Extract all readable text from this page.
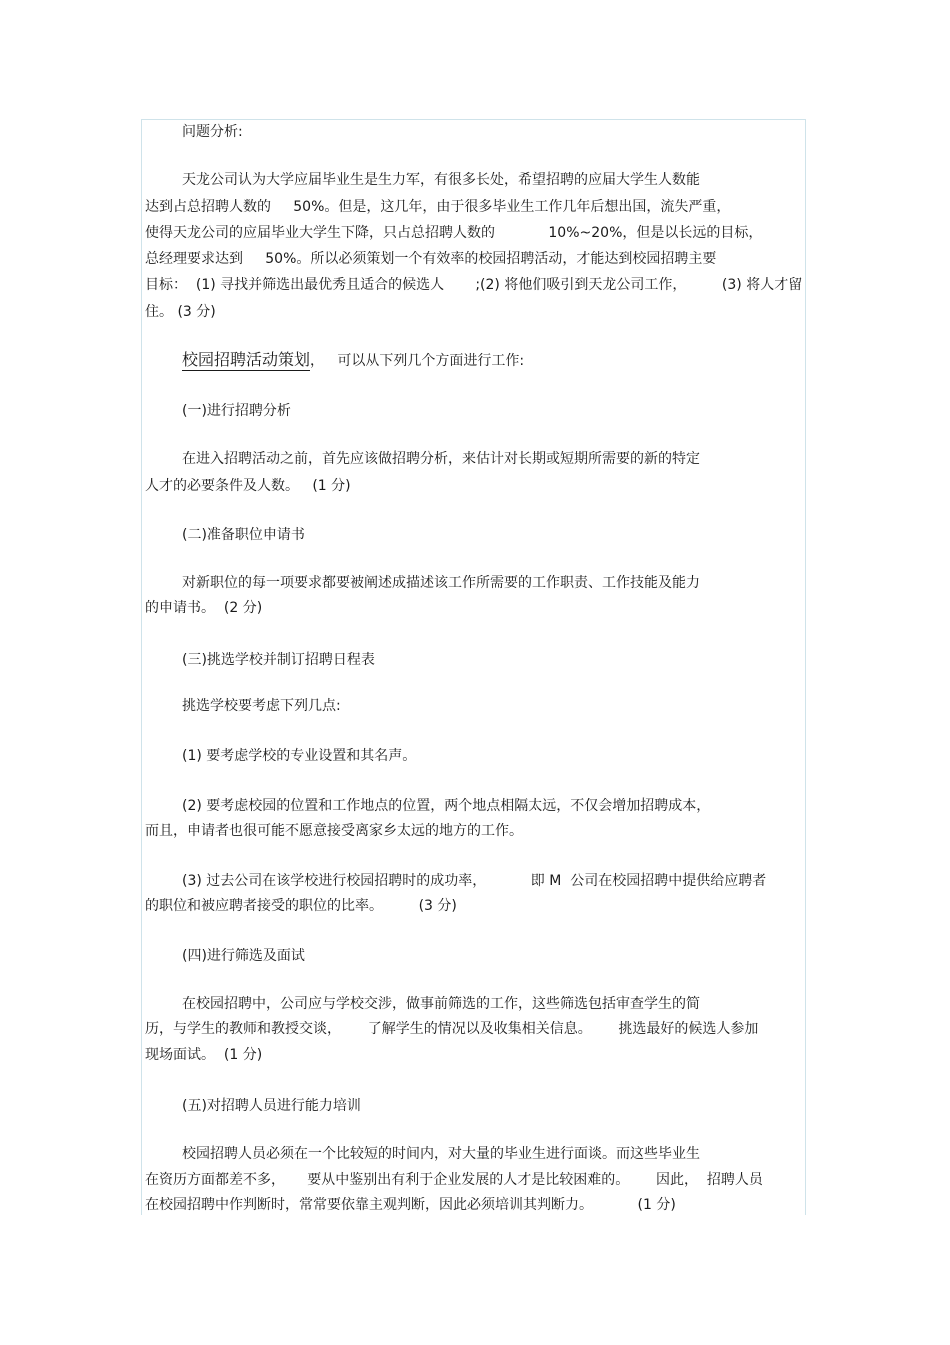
问题分析:

天龙公司认为大学应届毕业生是生力军，有很多长处，希望招聘的应届大学生人数能

达到占总招聘人数的     50%。但是，这几年，由于很多毕业生工作几年后想出国，流失严重，

使得天龙公司的应届毕业大学生下降，只占总招聘人数的            10%~20%，但是以长远的目标，

总经理要求达到     50%。所以必须策划一个有效率的校园招聘活动，才能达到校园招聘主要

目标：  (1) 寻找并筛选出最优秀且适合的候选人       ;(2) 将他们吸引到天龙公司工作，        (3) 将人才留

住。 (3 分)

校园招聘活动策划，   可以从下列几个方面进行工作:

(一)进行招聘分析

在进入招聘活动之前，首先应该做招聘分析，来估计对长期或短期所需要的新的特定

人才的必要条件及人数。   (1 分)

(二)准备职位申请书

对新职位的每一项要求都要被阐述成描述该工作所需要的工作职责、工作技能及能力

的申请书。  (2 分)

(三)挑选学校并制订招聘日程表

挑选学校要考虑下列几点:

(1) 要考虑学校的专业设置和其名声。

(2) 要考虑校园的位置和工作地点的位置，两个地点相隔太远，不仅会增加招聘成本，

而且，申请者也很可能不愿意接受离家乡太远的地方的工作。

(3) 过去公司在该学校进行校园招聘时的成功率，          即 M  公司在校园招聘中提供给应聘者

的职位和被应聘者接受的职位的比率。        (3 分)

(四)进行筛选及面试

在校园招聘中，公司应与学校交涉，做事前筛选的工作，这些筛选包括审查学生的简

历，与学生的教师和教授交谈，      了解学生的情况以及收集相关信息。      挑选最好的候选人参加

现场面试。  (1 分)

(五)对招聘人员进行能力培训

校园招聘人员必须在一个比较短的时间内，对大量的毕业生进行面谈。而这些毕业生

在资历方面都差不多，     要从中鉴别出有利于企业发展的人才是比较困难的。      因此，  招聘人员

在校园招聘中作判断时，常常要依靠主观判断，因此必须培训其判断力。          (1 分)
